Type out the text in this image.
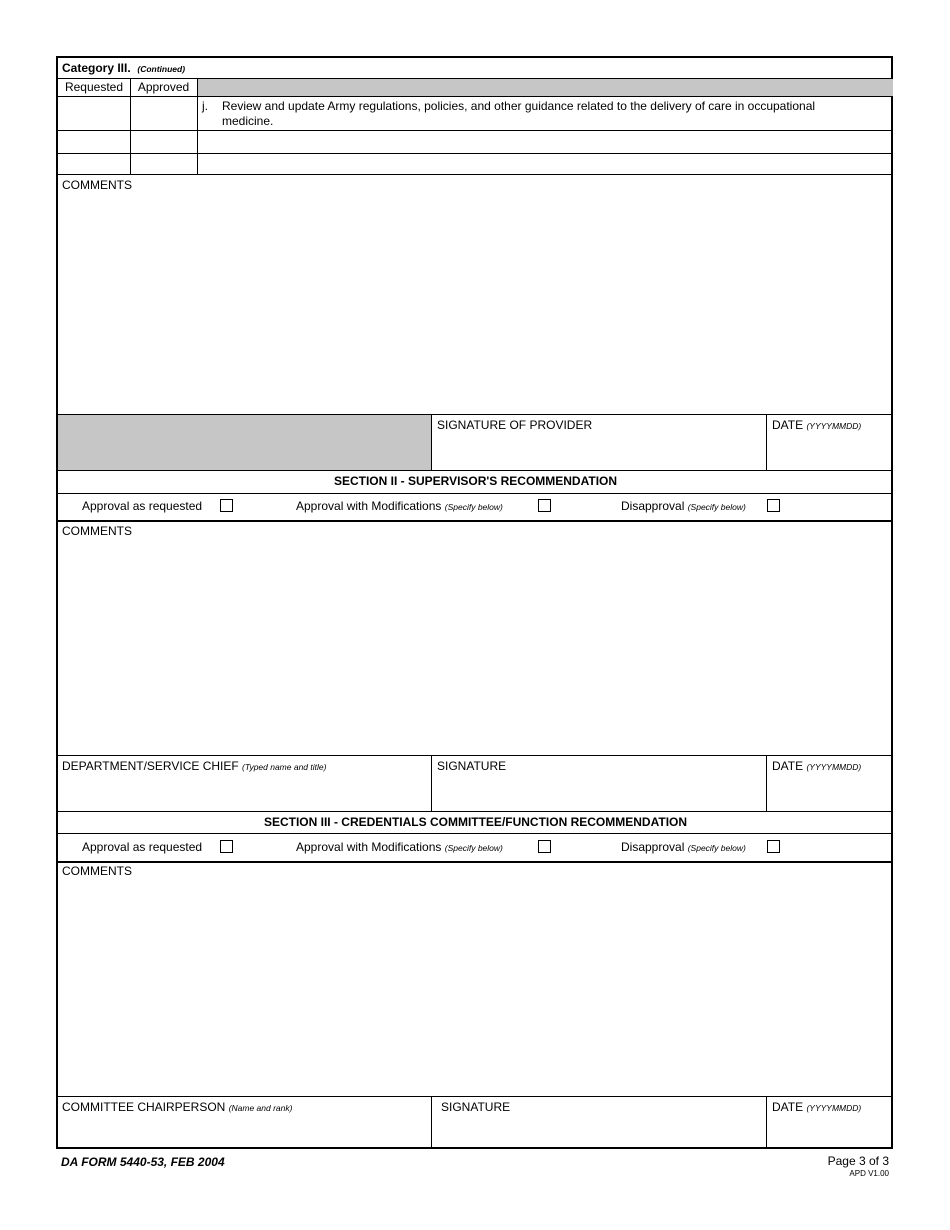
Category III. (Continued)
Requested	Approved
j. Review and update Army regulations, policies, and other guidance related to the delivery of care in occupational
medicine.
COMMENTS
SIGNATURE OF PROVIDER	DATE (YYYYMMDD)
SECTION II - SUPERVISOR'S RECOMMENDATION
Approval as requested	Approval with Modifications (Specify below)	Disapproval (Specify below)
COMMENTS
DEPARTMENT/SERVICE CHIEF (Typed name and title)	SIGNATURE	DATE (YYYYMMDD)
SECTION III - CREDENTIALS COMMITTEE/FUNCTION RECOMMENDATION
Approval as requested	Approval with Modifications (Specify below)	Disapproval (Specify below)
COMMENTS
COMMITTEE CHAIRPERSON (Name and rank)	SIGNATURE	DATE (YYYYMMDD)
DA FORM 5440-53, FEB 2004	Page 3 of 3
APD V1.00
